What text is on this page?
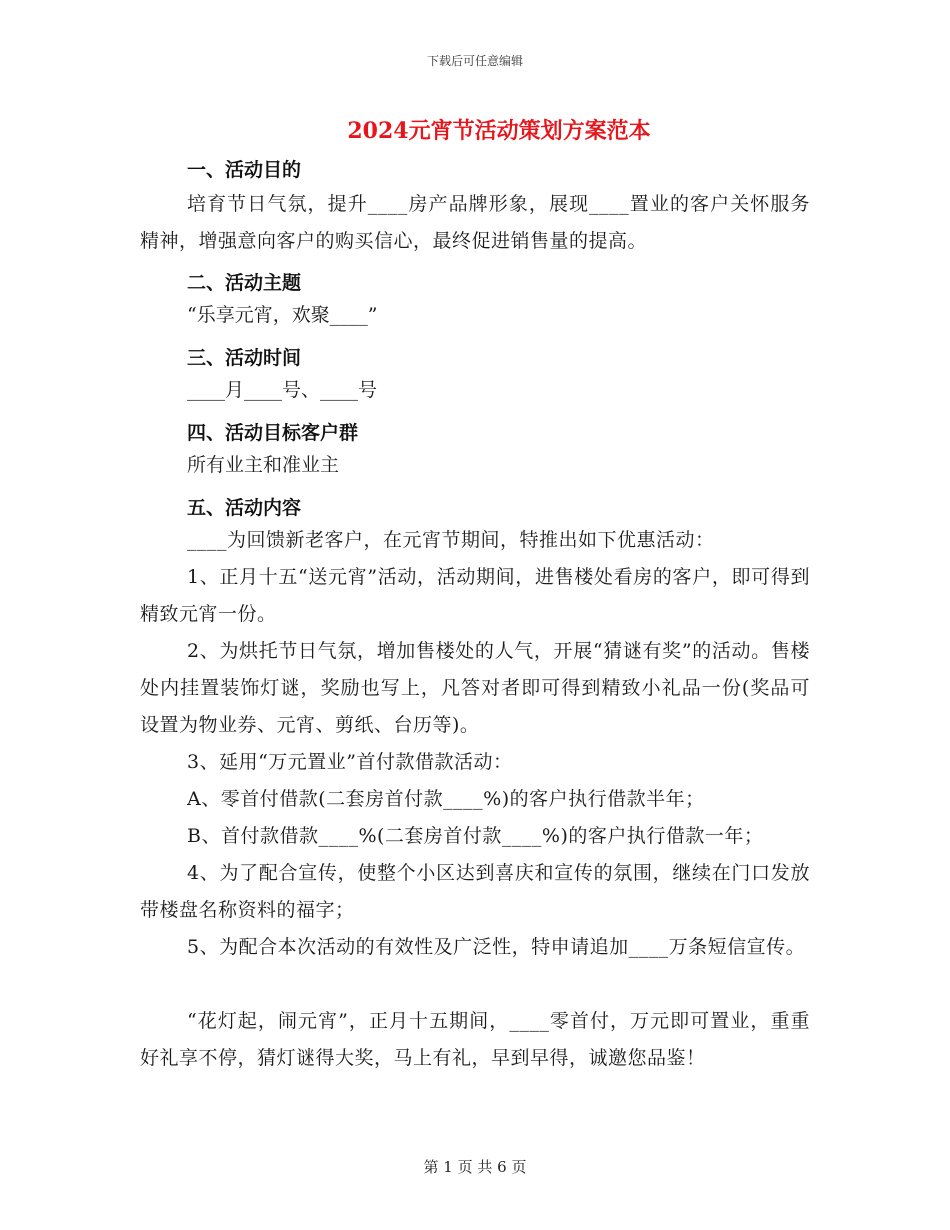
下载后可任意编辑
2024元宵节活动策划方案范本
一、活动目的
培育节日气氛，提升____房产品牌形象，展现____置业的客户关怀服务精神，增强意向客户的购买信心，最终促进销售量的提高。
二、活动主题
“乐享元宵，欢聚____”
三、活动时间
____月____号、____号
四、活动目标客户群
所有业主和准业主
五、活动内容
____为回馈新老客户，在元宵节期间，特推出如下优惠活动：
1、正月十五“送元宵”活动，活动期间，进售楼处看房的客户，即可得到精致元宵一份。
2、为烘托节日气氛，增加售楼处的人气，开展“猜谜有奖”的活动。售楼处内挂置装饰灯谜，奖励也写上，凡答对者即可得到精致小礼品一份(奖品可设置为物业券、元宵、剪纸、台历等)。
3、延用“万元置业”首付款借款活动：
A、零首付借款(二套房首付款____%)的客户执行借款半年；
B、首付款借款____%(二套房首付款____%)的客户执行借款一年；
4、为了配合宣传，使整个小区达到喜庆和宣传的氛围，继续在门口发放带楼盘名称资料的福字；
5、为配合本次活动的有效性及广泛性，特申请追加____万条短信宣传。
“花灯起，闹元宵”，正月十五期间，____零首付，万元即可置业，重重好礼享不停，猜灯谜得大奖，马上有礼，早到早得，诚邀您品鉴！
第 1 页 共 6 页
